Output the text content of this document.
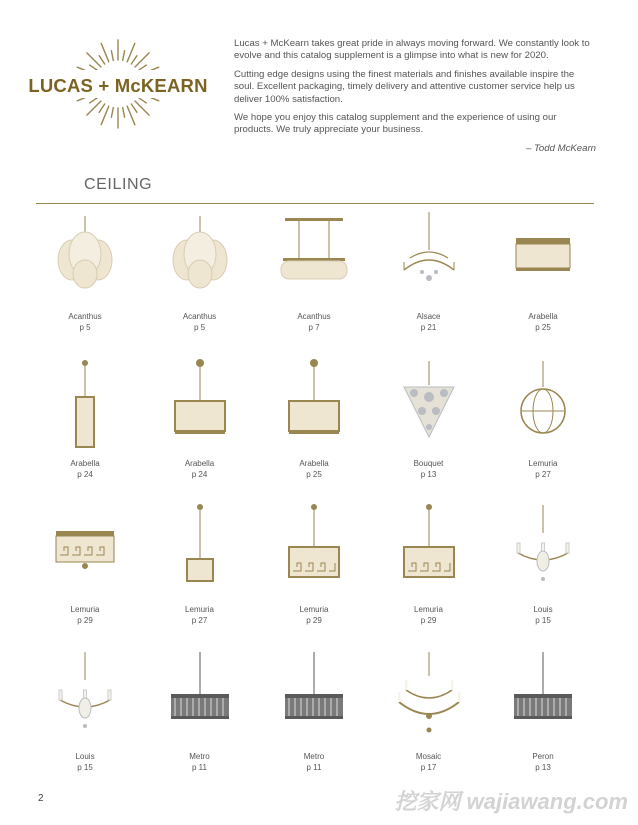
LUCAS + McKEARN

Lucas + McKearn takes great pride in always moving forward. We constantly look to evolve and this catalog supplement is a glimpse into what is new for 2020.

Cutting edge designs using the finest materials and finishes available inspire the soul. Excellent packaging, timely delivery and attentive customer service help us deliver 100% satisfaction.

We hope you enjoy this catalog supplement and the experience of using our products. We truly appreciate your business.

– Todd McKearn
CEILING
Acanthus
p 5
Acanthus
p 5
Acanthus
p 7
Alsace
p 21
Arabella
p 25
Arabella
p 24
Arabella
p 24
Arabella
p 25
Bouquet
p 13
Lemuria
p 27
Lemuria
p 29
Lemuria
p 27
Lemuria
p 29
Lemuria
p 29
Louis
p 15
Louis
p 15
Metro
p 11
Metro
p 11
Mosaic
p 17
Peron
p 13
2	挖家网 wajiawang.com
